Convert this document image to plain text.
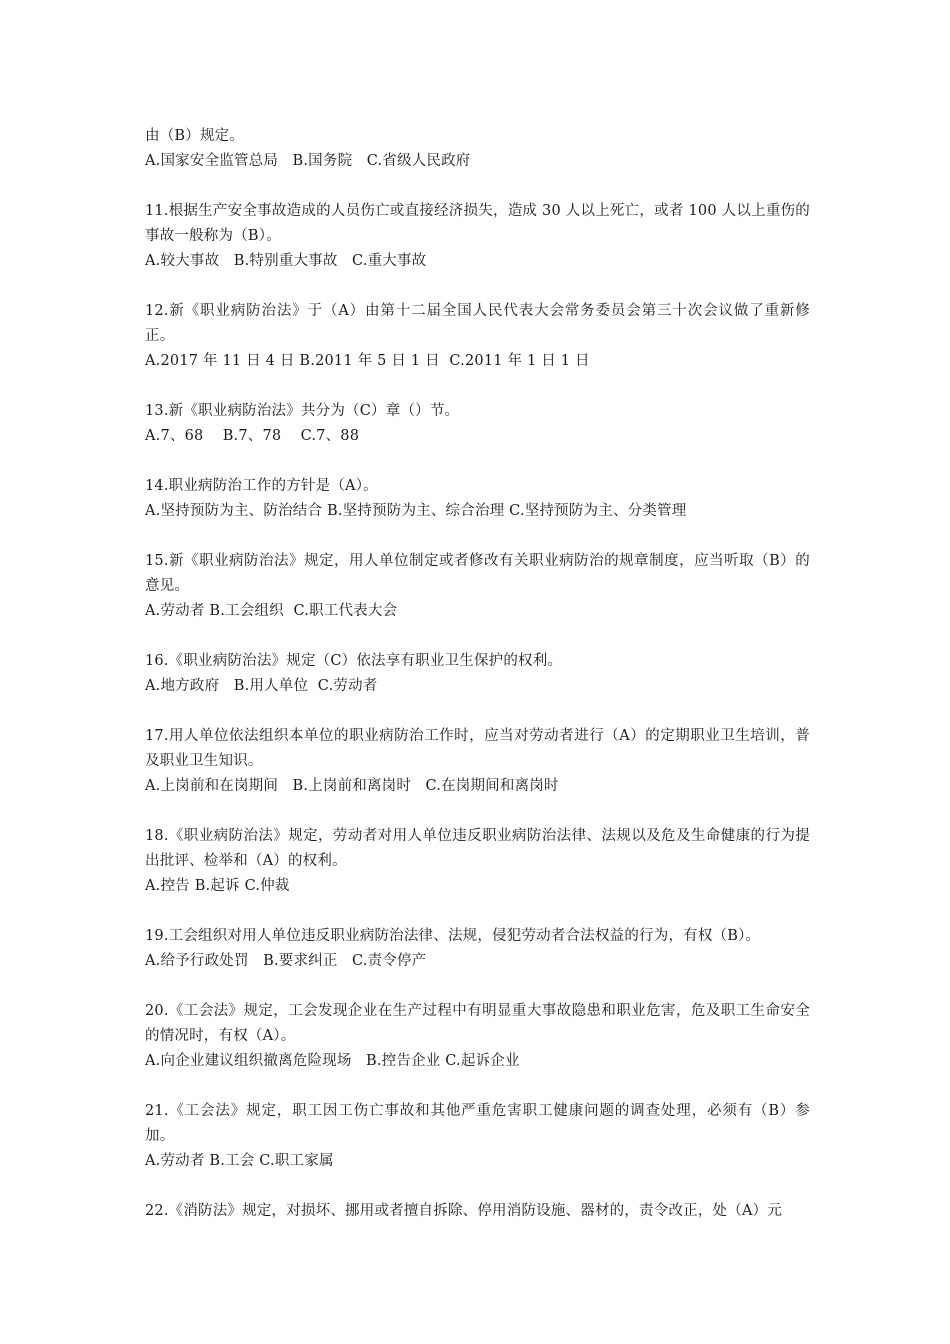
由（B）规定。
A.国家安全监管总局   B.国务院   C.省级人民政府
11.根据生产安全事故造成的人员伤亡或直接经济损失，造成 30 人以上死亡，或者 100 人以上重伤的事故一般称为（B）。
A.较大事故   B.特别重大事故   C.重大事故
12.新《职业病防治法》于（A）由第十二届全国人民代表大会常务委员会第三十次会议做了重新修正。
A.2017 年 11 日 4 日 B.2011 年 5 日 1 日  C.2011 年 1 日 1 日
13.新《职业病防治法》共分为（C）章（）节。
A.7、68    B.7、78    C.7、88
14.职业病防治工作的方针是（A）。
A.坚持预防为主、防治结合 B.坚持预防为主、综合治理 C.坚持预防为主、分类管理
15.新《职业病防治法》规定，用人单位制定或者修改有关职业病防治的规章制度，应当听取（B）的意见。
A.劳动者 B.工会组织  C.职工代表大会
16.《职业病防治法》规定（C）依法享有职业卫生保护的权利。
A.地方政府   B.用人单位  C.劳动者
17.用人单位依法组织本单位的职业病防治工作时，应当对劳动者进行（A）的定期职业卫生培训，普及职业卫生知识。
A.上岗前和在岗期间   B.上岗前和离岗时   C.在岗期间和离岗时
18.《职业病防治法》规定，劳动者对用人单位违反职业病防治法律、法规以及危及生命健康的行为提出批评、检举和（A）的权利。
A.控告 B.起诉 C.仲裁
19.工会组织对用人单位违反职业病防治法律、法规，侵犯劳动者合法权益的行为，有权（B）。
A.给予行政处罚   B.要求纠正   C.责令停产
20.《工会法》规定，工会发现企业在生产过程中有明显重大事故隐患和职业危害，危及职工生命安全的情况时，有权（A）。
A.向企业建议组织撤离危险现场   B.控告企业 C.起诉企业
21.《工会法》规定，职工因工伤亡事故和其他严重危害职工健康问题的调查处理，必须有（B）参加。
A.劳动者 B.工会 C.职工家属
22.《消防法》规定，对损坏、挪用或者擅自拆除、停用消防设施、器材的，责令改正，处（A）元
